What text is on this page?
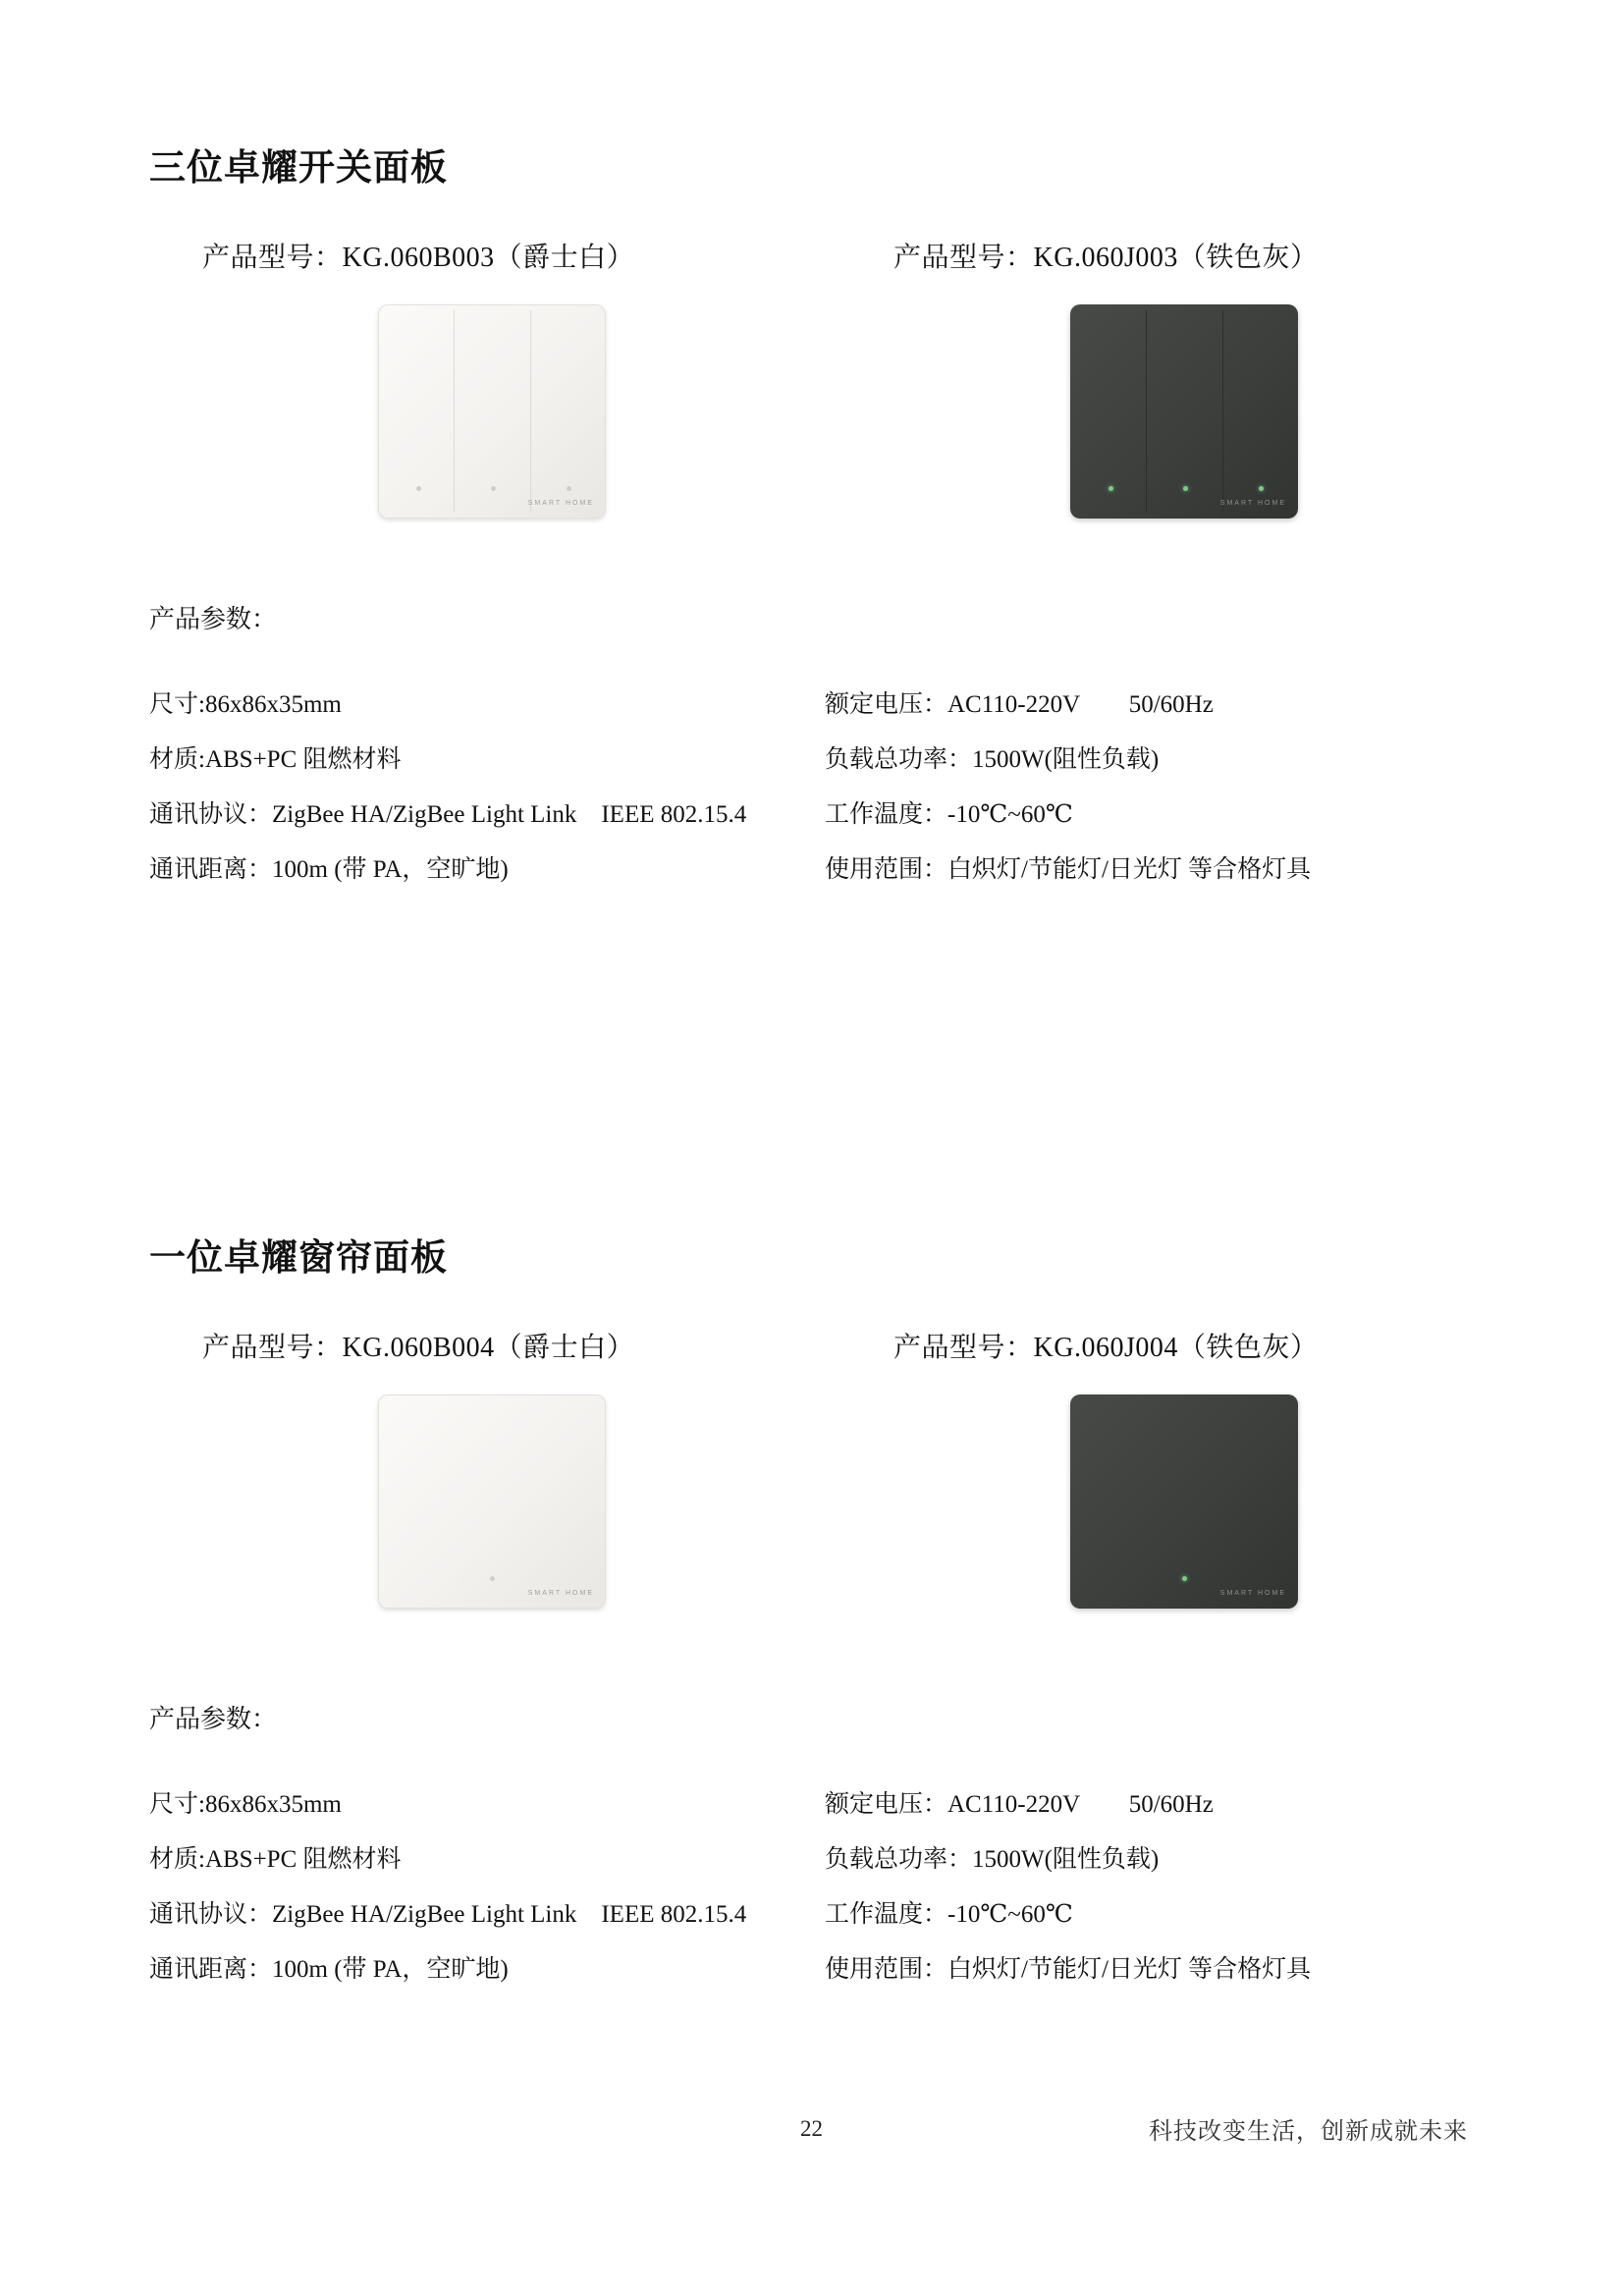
三位卓耀开关面板
产品型号：KG.060B003（爵士白）	产品型号：KG.060J003（铁色灰）
SMART HOME	SMART HOME
产品参数：
尺寸:86x86x35mm
材质:ABS+PC 阻燃材料
通讯协议：ZigBee HA/ZigBee Light Link　IEEE 802.15.4
通讯距离：100m (带 PA，空旷地)
额定电压：AC110-220V　　50/60Hz
负载总功率：1500W(阻性负载)
工作温度：-10℃~60℃
使用范围：白炽灯/节能灯/日光灯 等合格灯具
一位卓耀窗帘面板
产品型号：KG.060B004（爵士白）	产品型号：KG.060J004（铁色灰）
SMART HOME	SMART HOME
产品参数：
尺寸:86x86x35mm
材质:ABS+PC 阻燃材料
通讯协议：ZigBee HA/ZigBee Light Link　IEEE 802.15.4
通讯距离：100m (带 PA，空旷地)
额定电压：AC110-220V　　50/60Hz
负载总功率：1500W(阻性负载)
工作温度：-10℃~60℃
使用范围：白炽灯/节能灯/日光灯 等合格灯具
22	科技改变生活，创新成就未来
